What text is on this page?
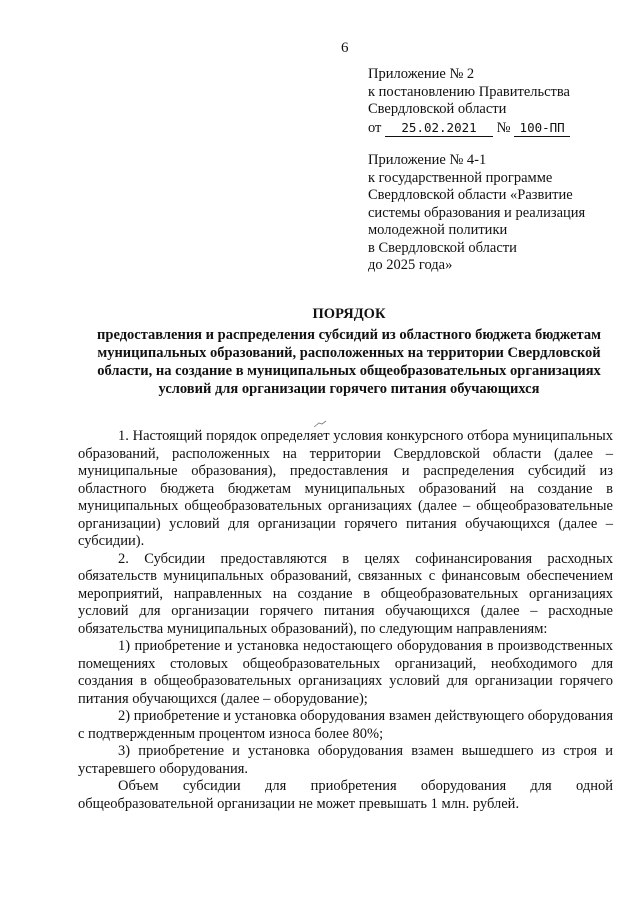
6
Приложение № 2
к постановлению Правительства
Свердловской области
от 25.02.2021 № 100-ПП
Приложение № 4-1
к государственной программе
Свердловской области «Развитие
системы образования и реализация
молодежной политики
в Свердловской области
до 2025 года»
ПОРЯДОК
предоставления и распределения субсидий из областного бюджета бюджетам муниципальных образований, расположенных на территории Свердловской области, на создание в муниципальных общеобразовательных организациях условий для организации горячего питания обучающихся

1. Настоящий порядок определяет условия конкурсного отбора муниципальных образований, расположенных на территории Свердловской области (далее – муниципальные образования), предоставления и распределения субсидий из областного бюджета бюджетам муниципальных образований на создание в муниципальных общеобразовательных организациях (далее – общеобразовательные организации) условий для организации горячего питания обучающихся (далее – субсидии).

2. Субсидии предоставляются в целях софинансирования расходных обязательств муниципальных образований, связанных с финансовым обеспечением мероприятий, направленных на создание в общеобразовательных организациях условий для организации горячего питания обучающихся (далее – расходные обязательства муниципальных образований), по следующим направлениям:

1) приобретение и установка недостающего оборудования в производственных помещениях столовых общеобразовательных организаций, необходимого для создания в общеобразовательных организациях условий для организации горячего питания обучающихся (далее – оборудование);

2) приобретение и установка оборудования взамен действующего оборудования с подтвержденным процентом износа более 80%;

3) приобретение и установка оборудования взамен вышедшего из строя и устаревшего оборудования.

Объем субсидии для приобретения оборудования для одной общеобразовательной организации не может превышать 1 млн. рублей.
